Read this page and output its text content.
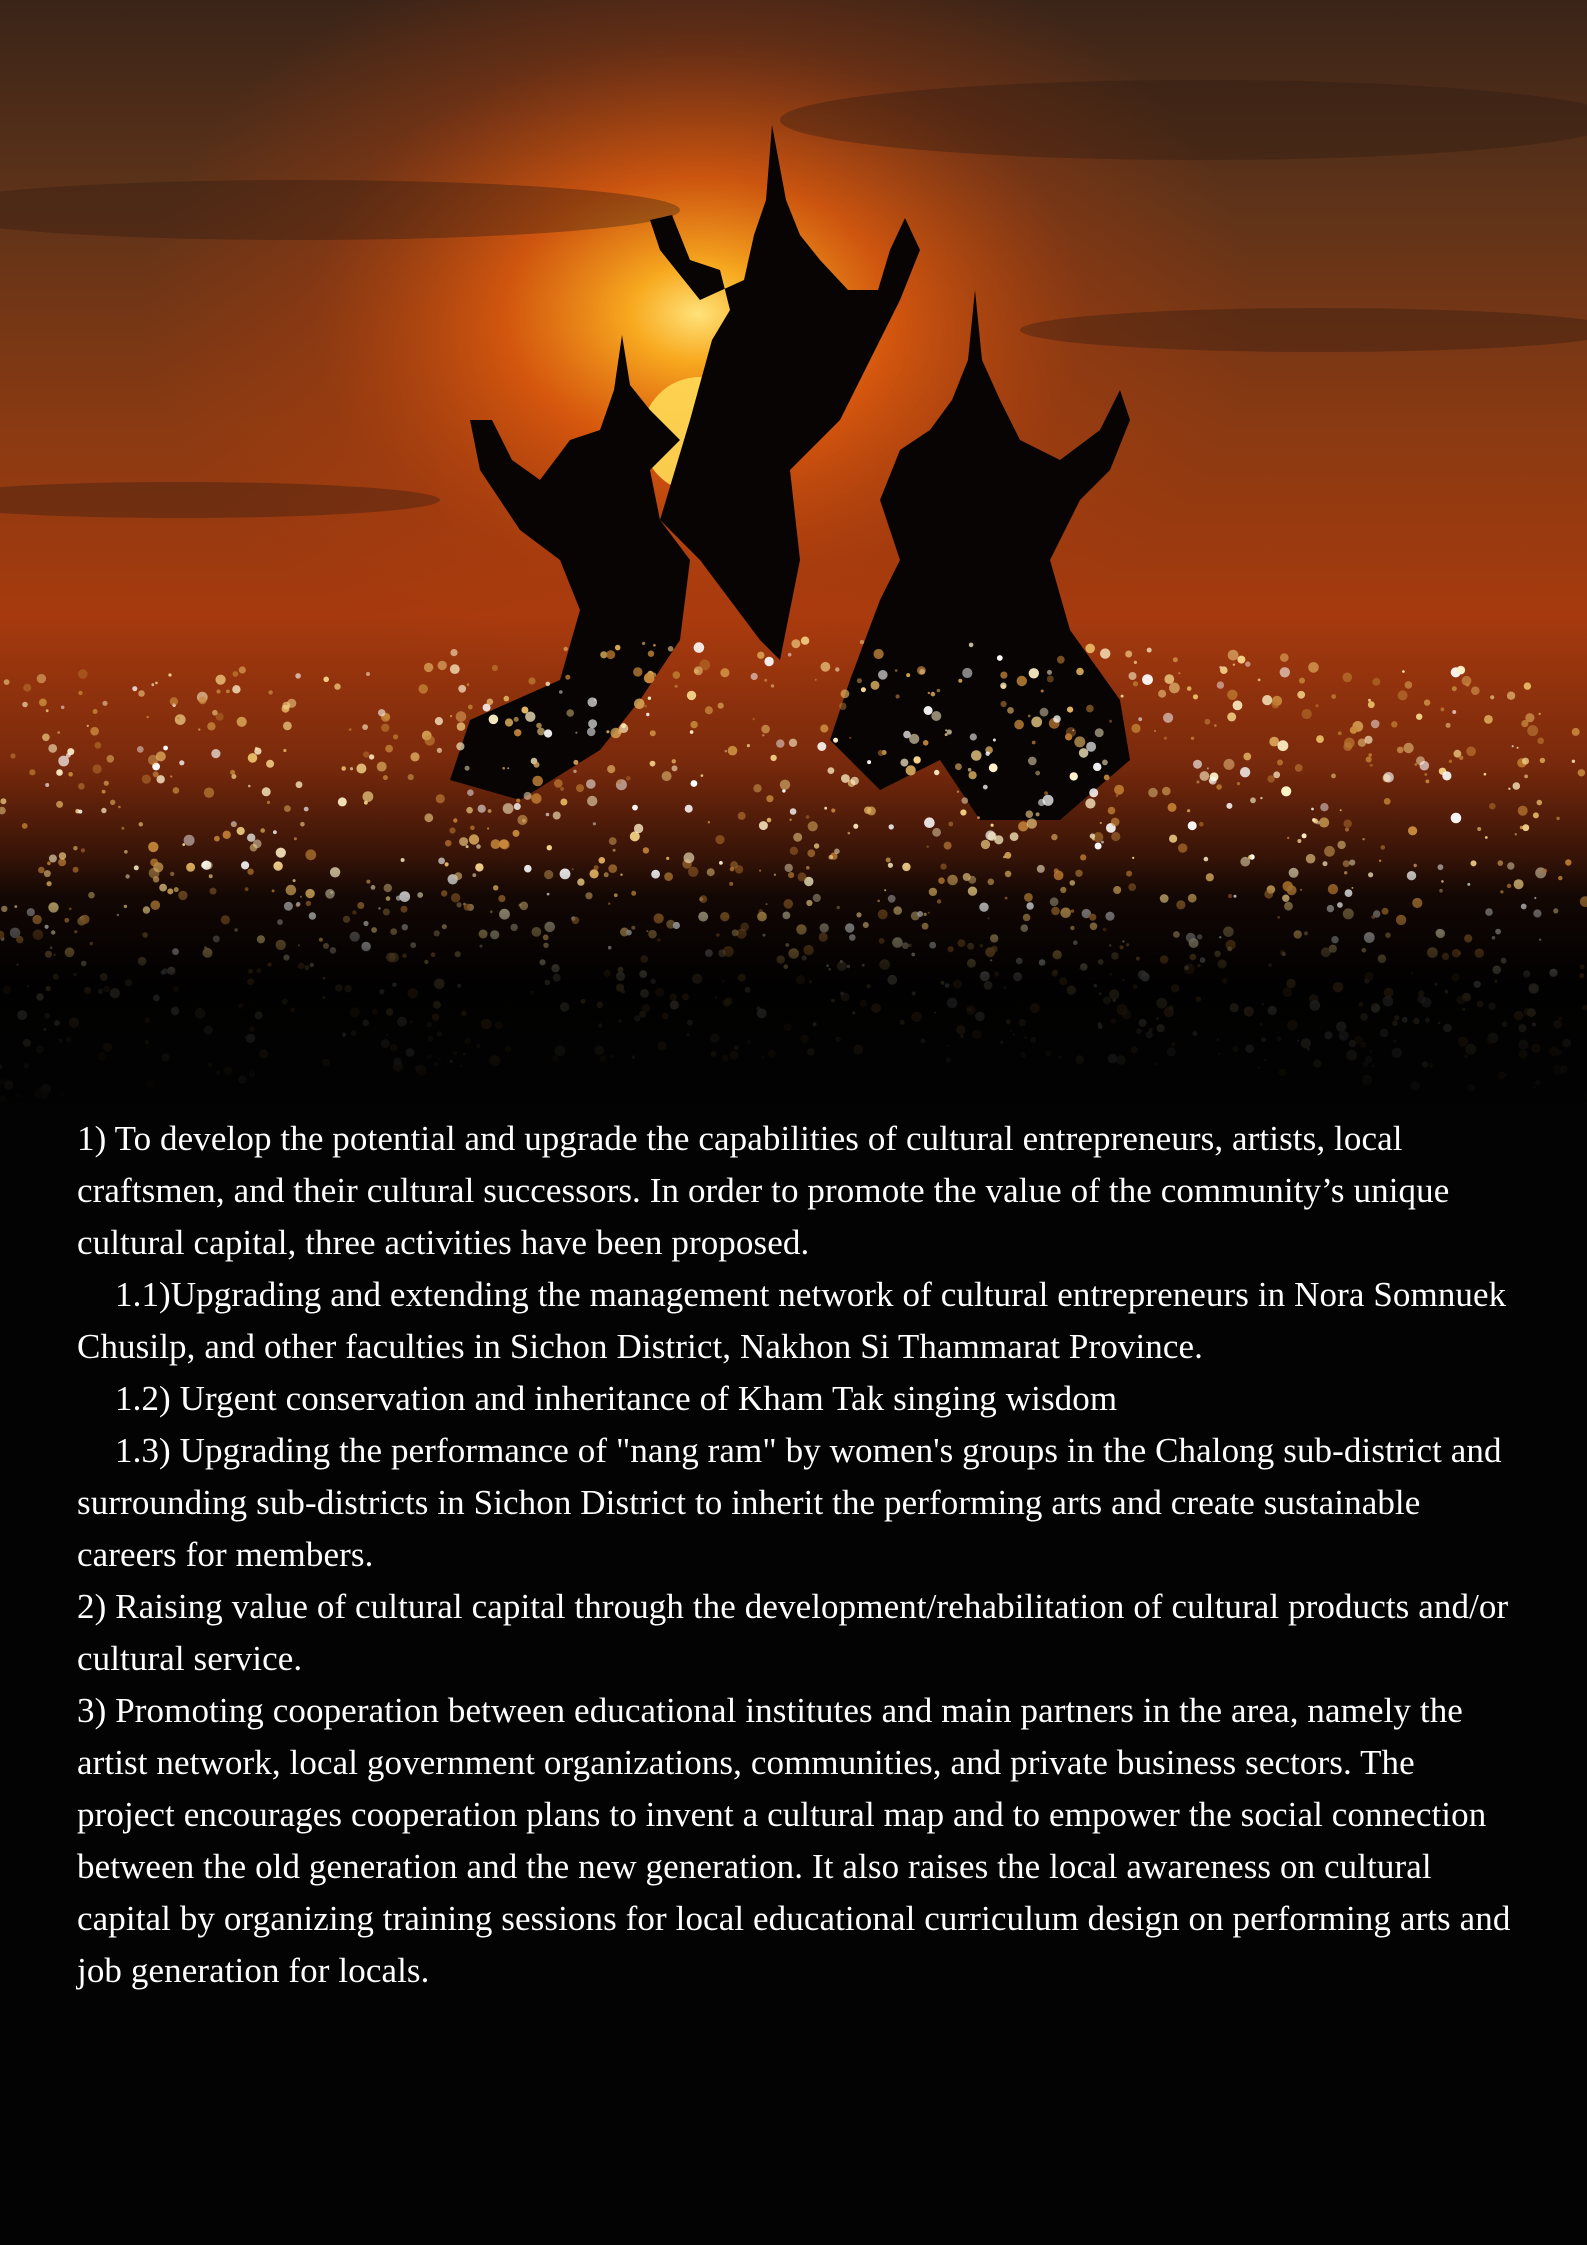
1) To develop the potential and upgrade the capabilities of cultural entrepreneurs, artists, local craftsmen, and their cultural successors. In order to promote the value of the community’s unique cultural capital, three activities have been proposed.

1.1)Upgrading and extending the management network of cultural entrepreneurs in Nora Somnuek Chusilp, and other faculties in Sichon District, Nakhon Si Thammarat Province.

1.2) Urgent conservation and inheritance of Kham Tak singing wisdom

1.3) Upgrading the performance of "nang ram" by women's groups in the Chalong sub-district and surrounding sub-districts in Sichon District to inherit the performing arts and create sustainable careers for members.

2) Raising value of cultural capital through the development/rehabilitation of cultural products and/or cultural service.

3) Promoting cooperation between educational institutes and main partners in the area, namely the artist network, local government organizations, communities, and private business sectors. The project encourages cooperation plans to invent a cultural map and to empower the social connection between the old generation and the new generation. It also raises the local awareness on cultural capital by organizing training sessions for local educational curriculum design on performing arts and job generation for locals.
